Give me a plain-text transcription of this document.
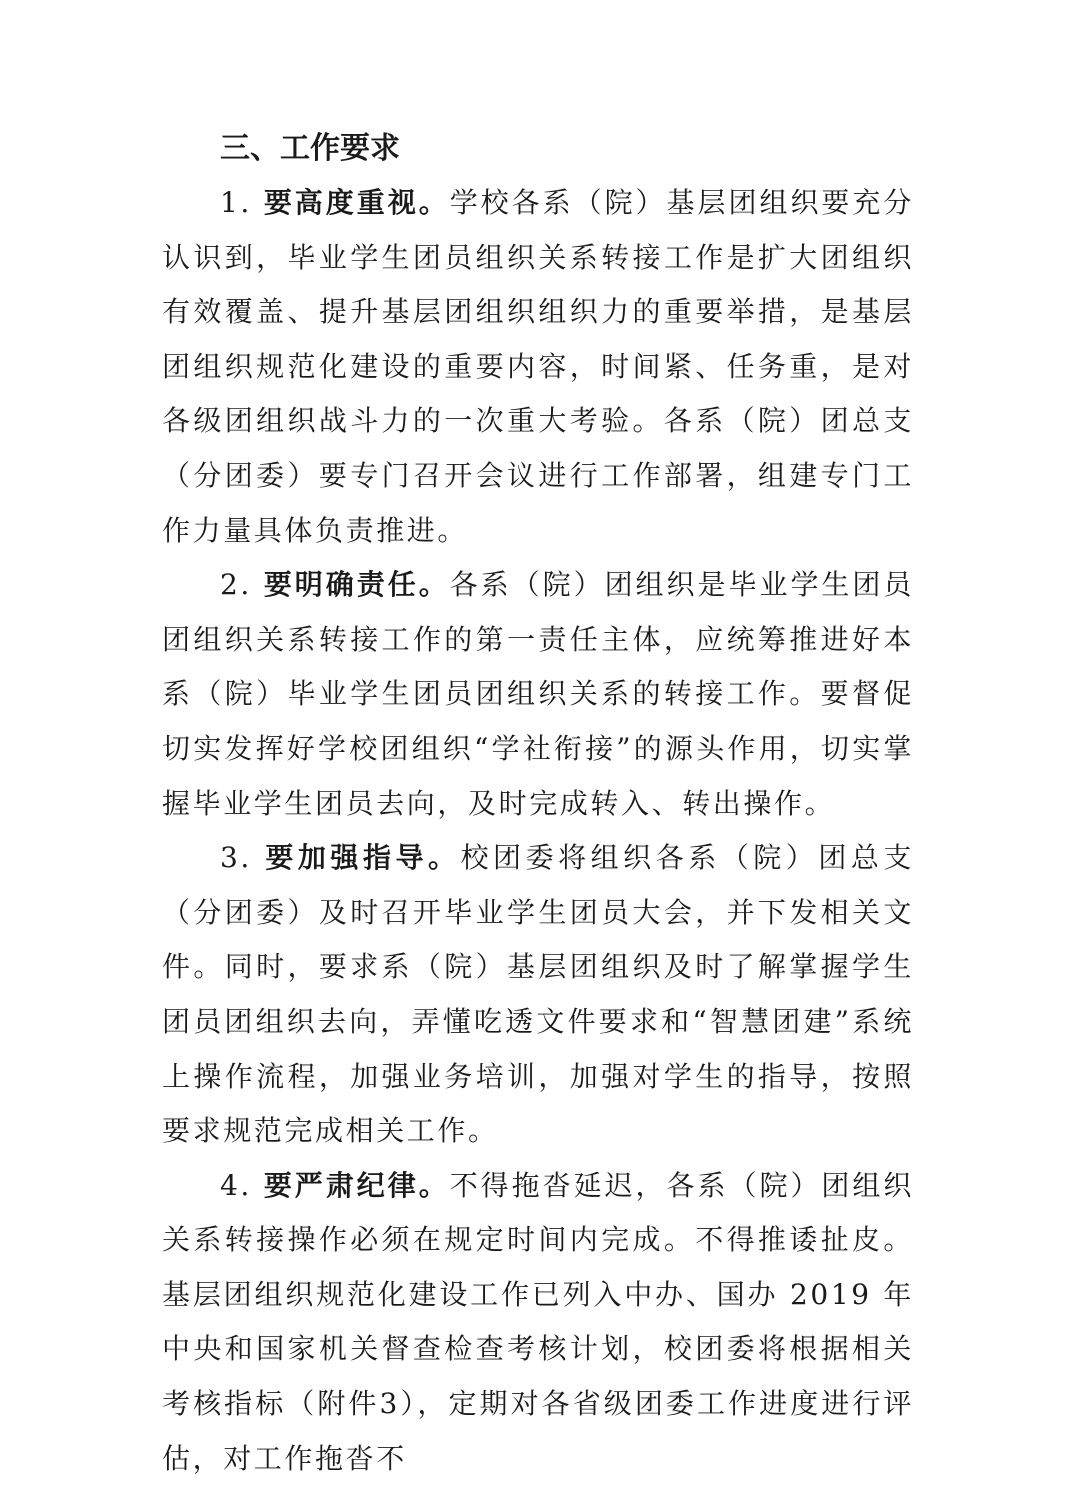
三、工作要求

1. 要高度重视。学校各系（院）基层团组织要充分认识到，毕业学生团员组织关系转接工作是扩大团组织有效覆盖、提升基层团组织组织力的重要举措，是基层团组织规范化建设的重要内容，时间紧、任务重，是对各级团组织战斗力的一次重大考验。各系（院）团总支（分团委）要专门召开会议进行工作部署，组建专门工作力量具体负责推进。

2. 要明确责任。各系（院）团组织是毕业学生团员团组织关系转接工作的第一责任主体，应统筹推进好本系（院）毕业学生团员团组织关系的转接工作。要督促切实发挥好学校团组织“学社衔接”的源头作用，切实掌握毕业学生团员去向，及时完成转入、转出操作。

3. 要加强指导。校团委将组织各系（院）团总支（分团委）及时召开毕业学生团员大会，并下发相关文件。同时，要求系（院）基层团组织及时了解掌握学生团员团组织去向，弄懂吃透文件要求和“智慧团建”系统上操作流程，加强业务培训，加强对学生的指导，按照要求规范完成相关工作。

4. 要严肃纪律。不得拖沓延迟，各系（院）团组织关系转接操作必须在规定时间内完成。不得推诿扯皮。基层团组织规范化建设工作已列入中办、国办 2019 年中央和国家机关督查检查考核计划，校团委将根据相关考核指标（附件3），定期对各省级团委工作进度进行评估，对工作拖沓不
